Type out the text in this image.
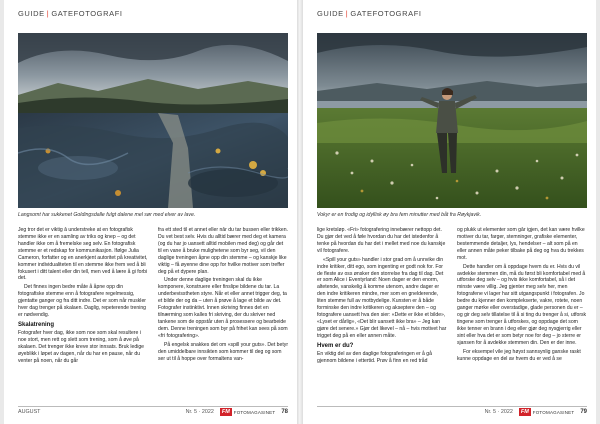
GUIDE | GATEFOTOGRAFI
Langsomt har sukkenet Goldingsdalle fulgt dalene mel sør med elver av lave.

Jeg tror det er viktig å understreke at en fotografisk stemme ikke er en samling av triks og knep – og det handler ikke om å fremelske seg selv. En fotografisk stemme er et redskap for kommunikasjon. Ifølge Julia Cameron, forfatter og en anerkjent autoritet på kreativitet, kommer individualiteten til en stemme ikke frem ved å bli fokusert i ditt talent eller din tell, men ved å lære å gi forbi det.

Det finnes ingen bedre måte å åpne opp din fotografiske stemme enn å fotografere regelmessig, gjentatte ganger og fra ditt indre. Det er som når muskler hver dag trenger på skalaen. Daglig, repeterende trening er nødvendig.

Skalatrening

Fotografer hver dag, ikke som noe som skal resultere i noe stort, men rett og slett som trening, som å øve på skalaen. Det trenger ikke krevе stor innsats. Bruk ledige øyeblikk i løpet av dagen, når du har en pause, når du venter på noen, når du går

fra ett sted til et annet eller når du tar bussen eller trikken. Du vet best selv. Hvis du alltid bærer med deg et kamera (og du har jo uansett alltid mobilen med deg) og går det til en vane å bruke mulighetene som byr seg, vil den daglige treningen åpne opp din stemme – og kanskje like viktig – få øyenne dine opp for hvilke motiver som treffer deg på et dypere plan.

Under denne daglige treningen skal du ikke komponere, konstruere eller finslipe bildene du tar. La underbevisstheten styre. Når et eller annet trigger deg, ta et bilde der og da – uten å prøve å lage et bilde av det. Fotografer instinktivt. Innen skriving finnes det en tilnærming som kalles fri skriving, der du skriver ned tankene som de oppstår uten å prosessere og bearbeide dem. Denne treningen som byr på frihet kan sees på som «fri fotografering».

På engelsk snakkes det om «spill your guts». Det betyr den umiddelbare innsikten som kommer til deg og som ser ut til å hoppe over formaltens van-

AUGUST	Nr. 5 · 2022	FM FOTOMAGASINET 78
GUIDE | GATEFOTOGRAFI
Vokyr er en frodig og idyllisk øy bra fem minutter med båt fra Røykjavik.

lige kretsløp. «Fri» fotografering innebærer nettopp det. Du gjør det ved å føle hvordan du har det istedenfor å tenke på hvordan du har det i mellet med noe du kanskje vil fotografere.

«Spill your guts» handler i stor grad om å unnvike din indre kritiker, ditt ego, som ingenting er godt nok for. For de fleste av oss ønsker den storrelse fra dag til dag. Det er som Alice i Eventyrland: Noen dager er den enorm, altetende, vanskelig å komme utenom, andre dager er den indre kritikeren mindre, mer som en gnelderende, liten stemme full av motbydelige. Kunsten er å både forminske den indre kritikeren og akseptere den – og fotografere uansett hva den sier: «Dette er ikke et bilde», «Lyset er dårlig», «Det blir uansett ikke bra» – Jeg kan gjøre det senere.» Gjør det likevel – nå – hvis motivet har trigget deg på en eller annen måte.

Hvem er du?

En viktig del av den daglige fotograferingen er å gå gjennom bildene i ettertid. Prøv å finn en red tråd

og plukk ut elementer som går igjen, det kan være hvilke motiver du tar, farger, stemninger, grafiske elementer, bestemmende detaljer, lys, hendelser – alt som på en eller annen måte peker tilbake på deg og hva du trekkes mot.

Dette handler om å oppdage hvem du er. Hvis du vil avdekke stemmen din, må du først bli komfortabel med å utforske deg selv – og hvis ikke komfortabel, så i det minste være villig. Jeg gjenter meg selv her, men fotografene vi lager har sitt utgangspunkt i fotografen. Jo bedre du kjenner den komplekserte, vakre, rotete, noen ganger mørke eller overstadige, glade personen du er – og gir deg selv tillatelse til å si ting du trenger å si, utforsk tingene som trenger å utforskes, og oppdage det som ikke tenner en brann i deg eller gjør deg nysgjerrig eller sint eller hva det er som betyr noe for deg – jo sterre er sjansen for å avdekke stemmen din. Den er der inne.

For eksempel vile jeg høyst sannsynlig ganske raskt kunne oppdage en del av hvem du er ved å se

Nr. 5 · 2022	FM FOTOMAGASINET 79
